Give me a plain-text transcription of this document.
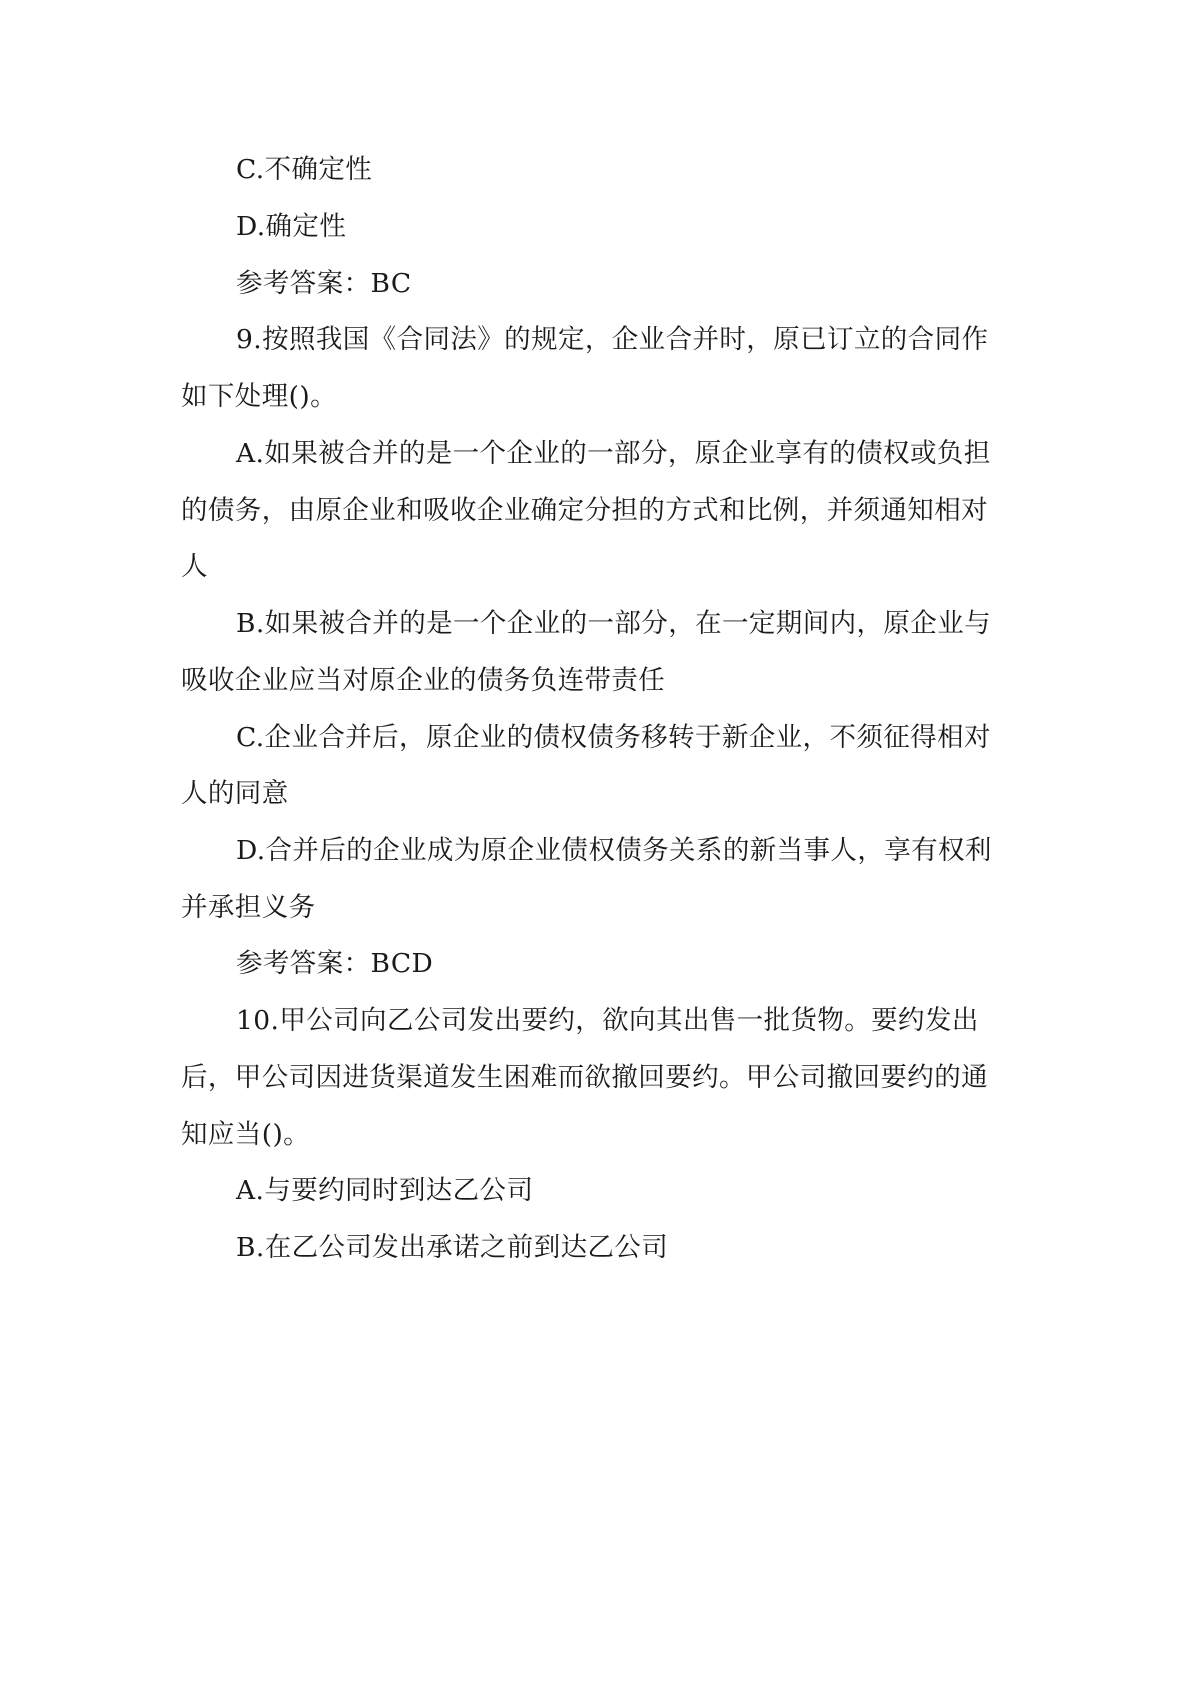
C.不确定性
D.确定性
参考答案：BC
9.按照我国《合同法》的规定，企业合并时，原已订立的合同作
如下处理()。
A.如果被合并的是一个企业的一部分，原企业享有的债权或负担
的债务，由原企业和吸收企业确定分担的方式和比例，并须通知相对
人
B.如果被合并的是一个企业的一部分，在一定期间内，原企业与
吸收企业应当对原企业的债务负连带责任
C.企业合并后，原企业的债权债务移转于新企业，不须征得相对
人的同意
D.合并后的企业成为原企业债权债务关系的新当事人，享有权利
并承担义务
参考答案：BCD
10.甲公司向乙公司发出要约，欲向其出售一批货物。要约发出
后，甲公司因进货渠道发生困难而欲撤回要约。甲公司撤回要约的通
知应当()。
A.与要约同时到达乙公司
B.在乙公司发出承诺之前到达乙公司
